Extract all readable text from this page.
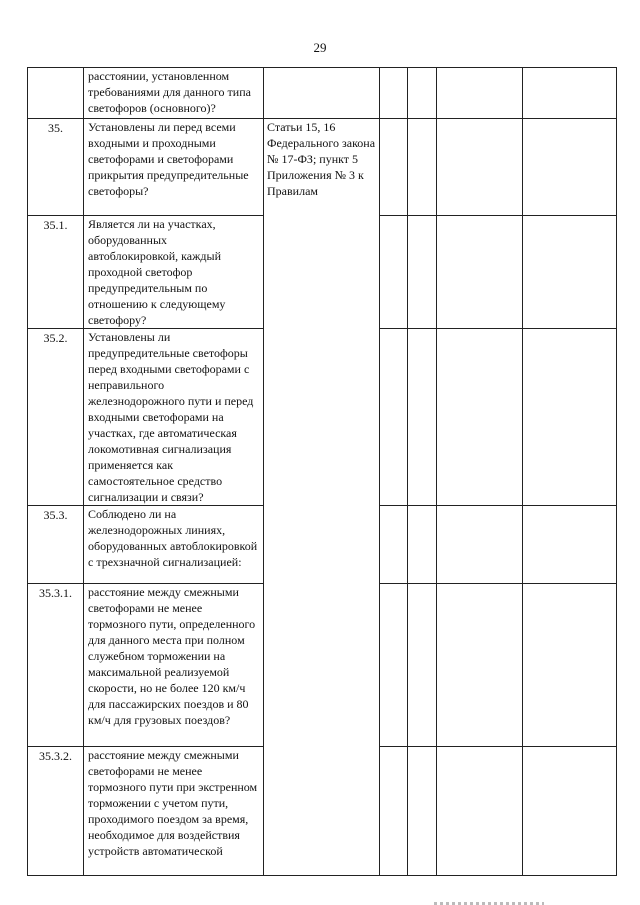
29
	расстоянии, установленном требованиями для данного типа светофоров (основного)?					
35.	Установлены ли перед всеми входными и проходными светофорами и светофорами прикрытия предупредительные светофоры?	Статьи 15, 16 Федерального закона № 17-ФЗ; пункт 5 Приложения № 3 к Правилам				
35.1.	Является ли на участках, оборудованных автоблокировкой, каждый проходной светофор предупредительным по отношению к следующему светофору?					
35.2.	Установлены ли предупредительные светофоры перед входными светофорами с неправильного железнодорожного пути и перед входными светофорами на участках, где автоматическая локомотивная сигнализация применяется как самостоятельное средство сигнализации и связи?					
35.3.	Соблюдено ли на железнодорожных линиях, оборудованных автоблокировкой с трехзначной сигнализацией:					
35.3.1.	расстояние между смежными светофорами не менее тормозного пути, определенного для данного места при полном служебном торможении на максимальной реализуемой скорости, но не более 120 км/ч для пассажирских поездов и 80 км/ч для грузовых поездов?					
35.3.2.	расстояние между смежными светофорами не менее тормозного пути при экстренном торможении с учетом пути, проходимого поездом за время, необходимое для воздействия устройств автоматической					
